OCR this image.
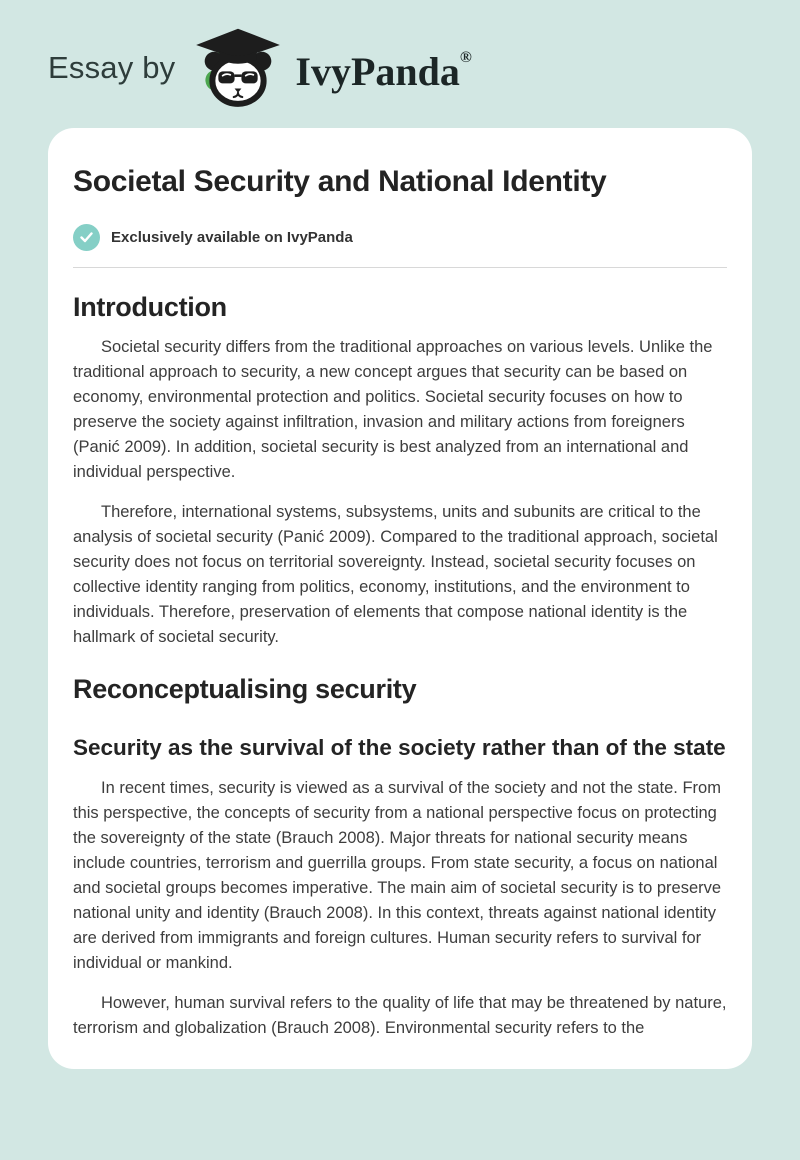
Essay by	IvyPanda®
Societal Security and National Identity
Exclusively available on IvyPanda
Introduction

Societal security differs from the traditional approaches on various levels. Unlike the traditional approach to security, a new concept argues that security can be based on economy, environmental protection and politics. Societal security focuses on how to preserve the society against infiltration, invasion and military actions from foreigners (Panić 2009). In addition, societal security is best analyzed from an international and individual perspective.

Therefore, international systems, subsystems, units and subunits are critical to the analysis of societal security (Panić 2009). Compared to the traditional approach, societal security does not focus on territorial sovereignty. Instead, societal security focuses on collective identity ranging from politics, economy, institutions, and the environment to individuals. Therefore, preservation of elements that compose national identity is the hallmark of societal security.

Reconceptualising security
Security as the survival of the society rather than of the state

In recent times, security is viewed as a survival of the society and not the state. From this perspective, the concepts of security from a national perspective focus on protecting the sovereignty of the state (Brauch 2008). Major threats for national security means include countries, terrorism and guerrilla groups. From state security, a focus on national and societal groups becomes imperative. The main aim of societal security is to preserve national unity and identity (Brauch 2008). In this context, threats against national identity are derived from immigrants and foreign cultures. Human security refers to survival for individual or mankind.

However, human survival refers to the quality of life that may be threatened by nature, terrorism and globalization (Brauch 2008). Environmental security refers to the
